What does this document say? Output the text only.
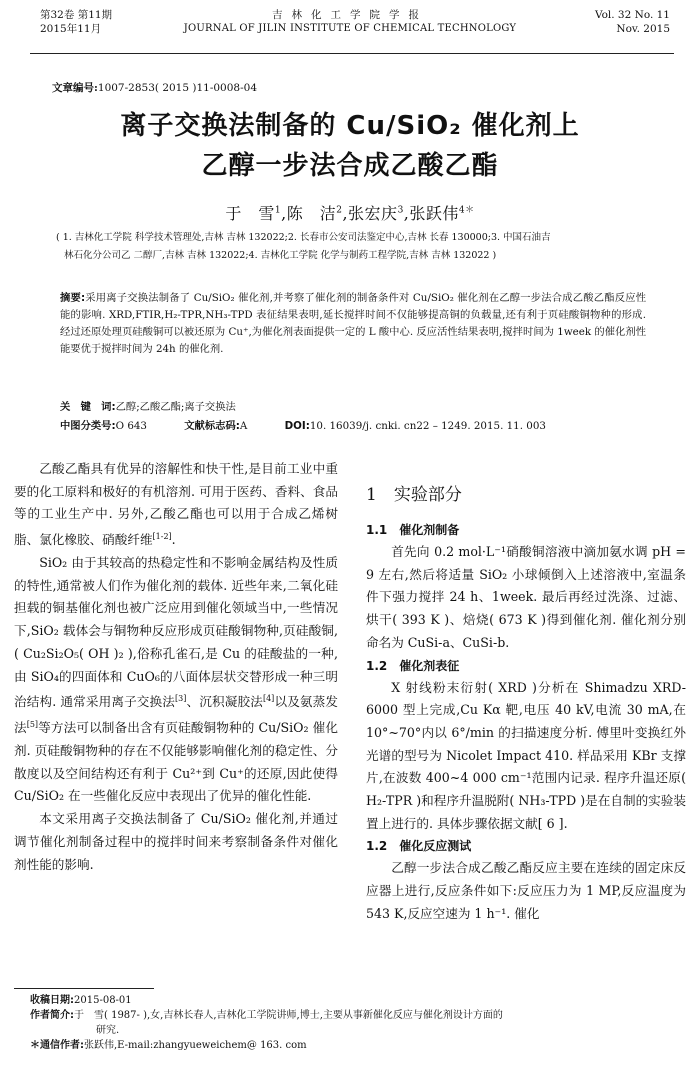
第32卷 第11期
2015年11月
吉林化工学院学报
JOURNAL OF JILIN INSTITUTE OF CHEMICAL TECHNOLOGY
Vol. 32 No. 11
Nov. 2015
文章编号:1007-2853( 2015 )11-0008-04
离子交换法制备的 Cu/SiO₂ 催化剂上
乙醇一步法合成乙酸乙酯
于　雪$^1$,陈　洁$^2$,张宏庆$^3$,张跃伟$^{4*}$
( 1. 吉林化工学院 科学技术管理处,吉林 吉林 132022;2. 长春市公安司法鉴定中心,吉林 长春 130000;3. 中国石油吉
林石化分公司乙 二醇厂,吉林 吉林 132022;4. 吉林化工学院 化学与制药工程学院,吉林 吉林 132022 )
摘要:采用离子交换法制备了 Cu/SiO₂ 催化剂,并考察了催化剂的制备条件对 Cu/SiO₂ 催化剂在乙醇一步法合成乙酸乙酯反应性能的影响. XRD,FTIR,H₂-TPR,NH₃-TPD 表征结果表明,延长搅拌时间不仅能够提高铜的负载量,还有利于页硅酸铜物种的形成. 经过还原处理页硅酸铜可以被还原为 Cu⁺,为催化剂表面提供一定的 L 酸中心. 反应活性结果表明,搅拌时间为 1week 的催化剂性能要优于搅拌时间为 24h 的催化剂.
关　键　词:乙醇;乙酸乙酯;离子交换法
中图分类号:O 643	文献标志码:A	DOI:10. 16039/j. cnki. cn22 – 1249. 2015. 11. 003

乙酸乙酯具有优异的溶解性和快干性,是目前工业中重要的化工原料和极好的有机溶剂. 可用于医药、香料、食品等的工业生产中. 另外,乙酸乙酯也可以用于合成乙烯树脂、氯化橡胶、硝酸纤维[1-2].

SiO₂ 由于其较高的热稳定性和不影响金属结构及性质的特性,通常被人们作为催化剂的载体. 近些年来,二氧化硅担载的铜基催化剂也被广泛应用到催化领域当中,一些情况下,SiO₂ 载体会与铜物种反应形成页硅酸铜物种,页硅酸铜,( Cu₂Si₂O₅( OH )₂ ),俗称孔雀石,是 Cu 的硅酸盐的一种,由 SiO₄的四面体和 CuO₆的八面体层状交替形成一种三明治结构. 通常采用离子交换法[3]、沉积凝胶法[4]以及氨蒸发法[5]等方法可以制备出含有页硅酸铜物种的 Cu/SiO₂ 催化剂. 页硅酸铜物种的存在不仅能够影响催化剂的稳定性、分散度以及空间结构还有利于 Cu²⁺到 Cu⁺的还原,因此使得 Cu/SiO₂ 在一些催化反应中表现出了优异的催化性能.

本文采用离子交换法制备了 Cu/SiO₂ 催化剂,并通过调节催化剂制备过程中的搅拌时间来考察制备条件对催化剂性能的影响.

1　实验部分
1.1　催化剂制备

首先向 0.2 mol·L⁻¹硝酸铜溶液中滴加氨水调 pH = 9 左右,然后将适量 SiO₂ 小球倾倒入上述溶液中,室温条件下强力搅拌 24 h、1week. 最后再经过洗涤、过滤、烘干( 393 K )、焙烧( 673 K )得到催化剂. 催化剂分别命名为 CuSi-a、CuSi-b.

1.2　催化剂表征

X 射线粉末衍射( XRD )分析在 Shimadzu XRD-6000 型上完成,Cu Kα 靶,电压 40 kV,电流 30 mA,在 10°~70°内以 6°/min 的扫描速度分析. 傅里叶变换红外光谱的型号为 Nicolet Impact 410. 样品采用 KBr 支撑片,在波数 400~4 000 cm⁻¹范围内记录. 程序升温还原( H₂-TPR )和程序升温脱附( NH₃-TPD )是在自制的实验装置上进行的. 具体步骤依据文献[ 6 ].

1.2　催化反应测试

乙醇一步法合成乙酸乙酯反应主要在连续的固定床反应器上进行,反应条件如下:反应压力为 1 MP,反应温度为 543 K,反应空速为 1 h⁻¹. 催化

收稿日期:2015-08-01
作者简介:于　雪( 1987- ),女,吉林长春人,吉林化工学院讲师,博士,主要从事新催化反应与催化剂设计方面的
研究.
＊通信作者:张跃伟,E-mail:zhangyueweichem@ 163. com
